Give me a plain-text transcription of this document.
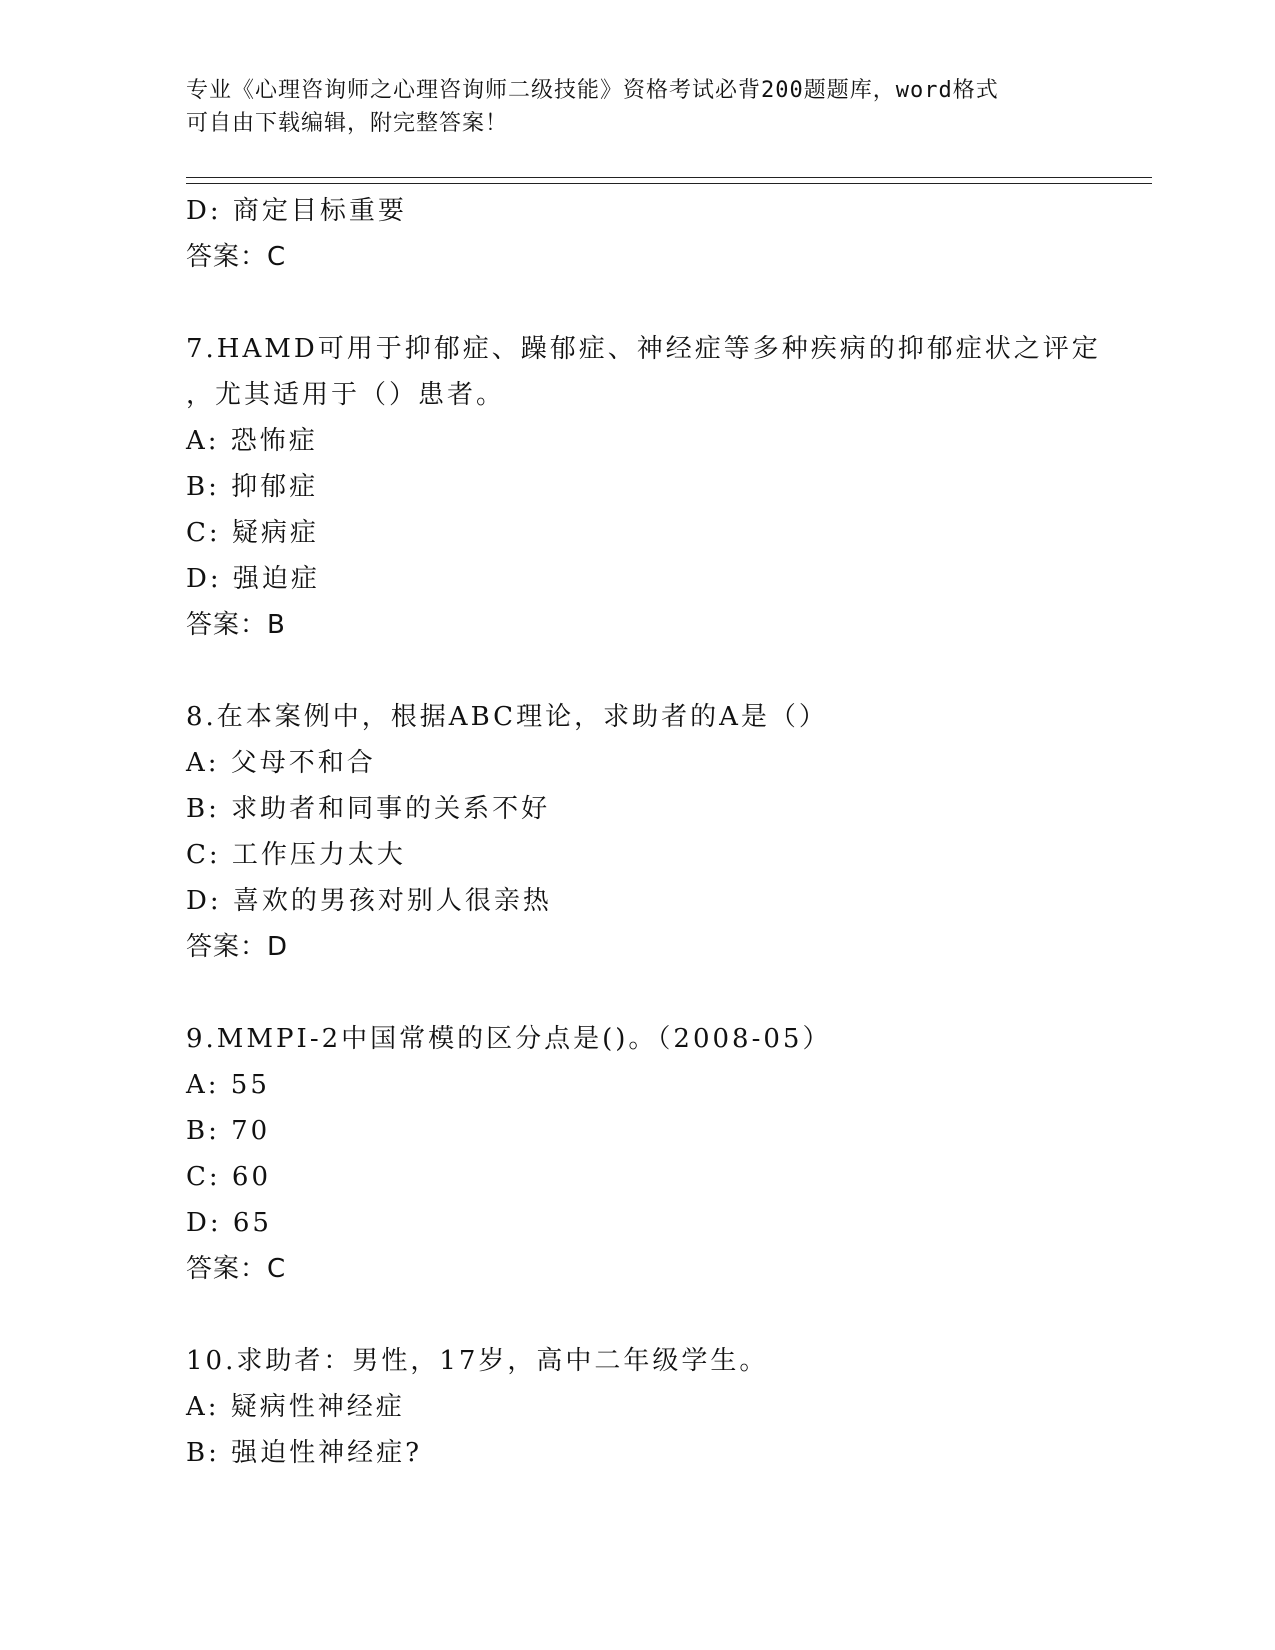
专业《心理咨询师之心理咨询师二级技能》资格考试必背200题题库，word格式
可自由下载编辑，附完整答案！
D: 商定目标重要
答案：C
7.HAMD可用于抑郁症、躁郁症、神经症等多种疾病的抑郁症状之评定
，尤其适用于（）患者。
A: 恐怖症
B: 抑郁症
C: 疑病症
D: 强迫症
答案：B
8.在本案例中，根据ABC理论，求助者的A是（）
A: 父母不和合
B: 求助者和同事的关系不好
C: 工作压力太大
D: 喜欢的男孩对别人很亲热
答案：D
9.MMPI-2中国常模的区分点是()。（2008-05）
A: 55
B: 70
C: 60
D: 65
答案：C
10.求助者：男性，17岁，高中二年级学生。
A: 疑病性神经症
B: 强迫性神经症?
